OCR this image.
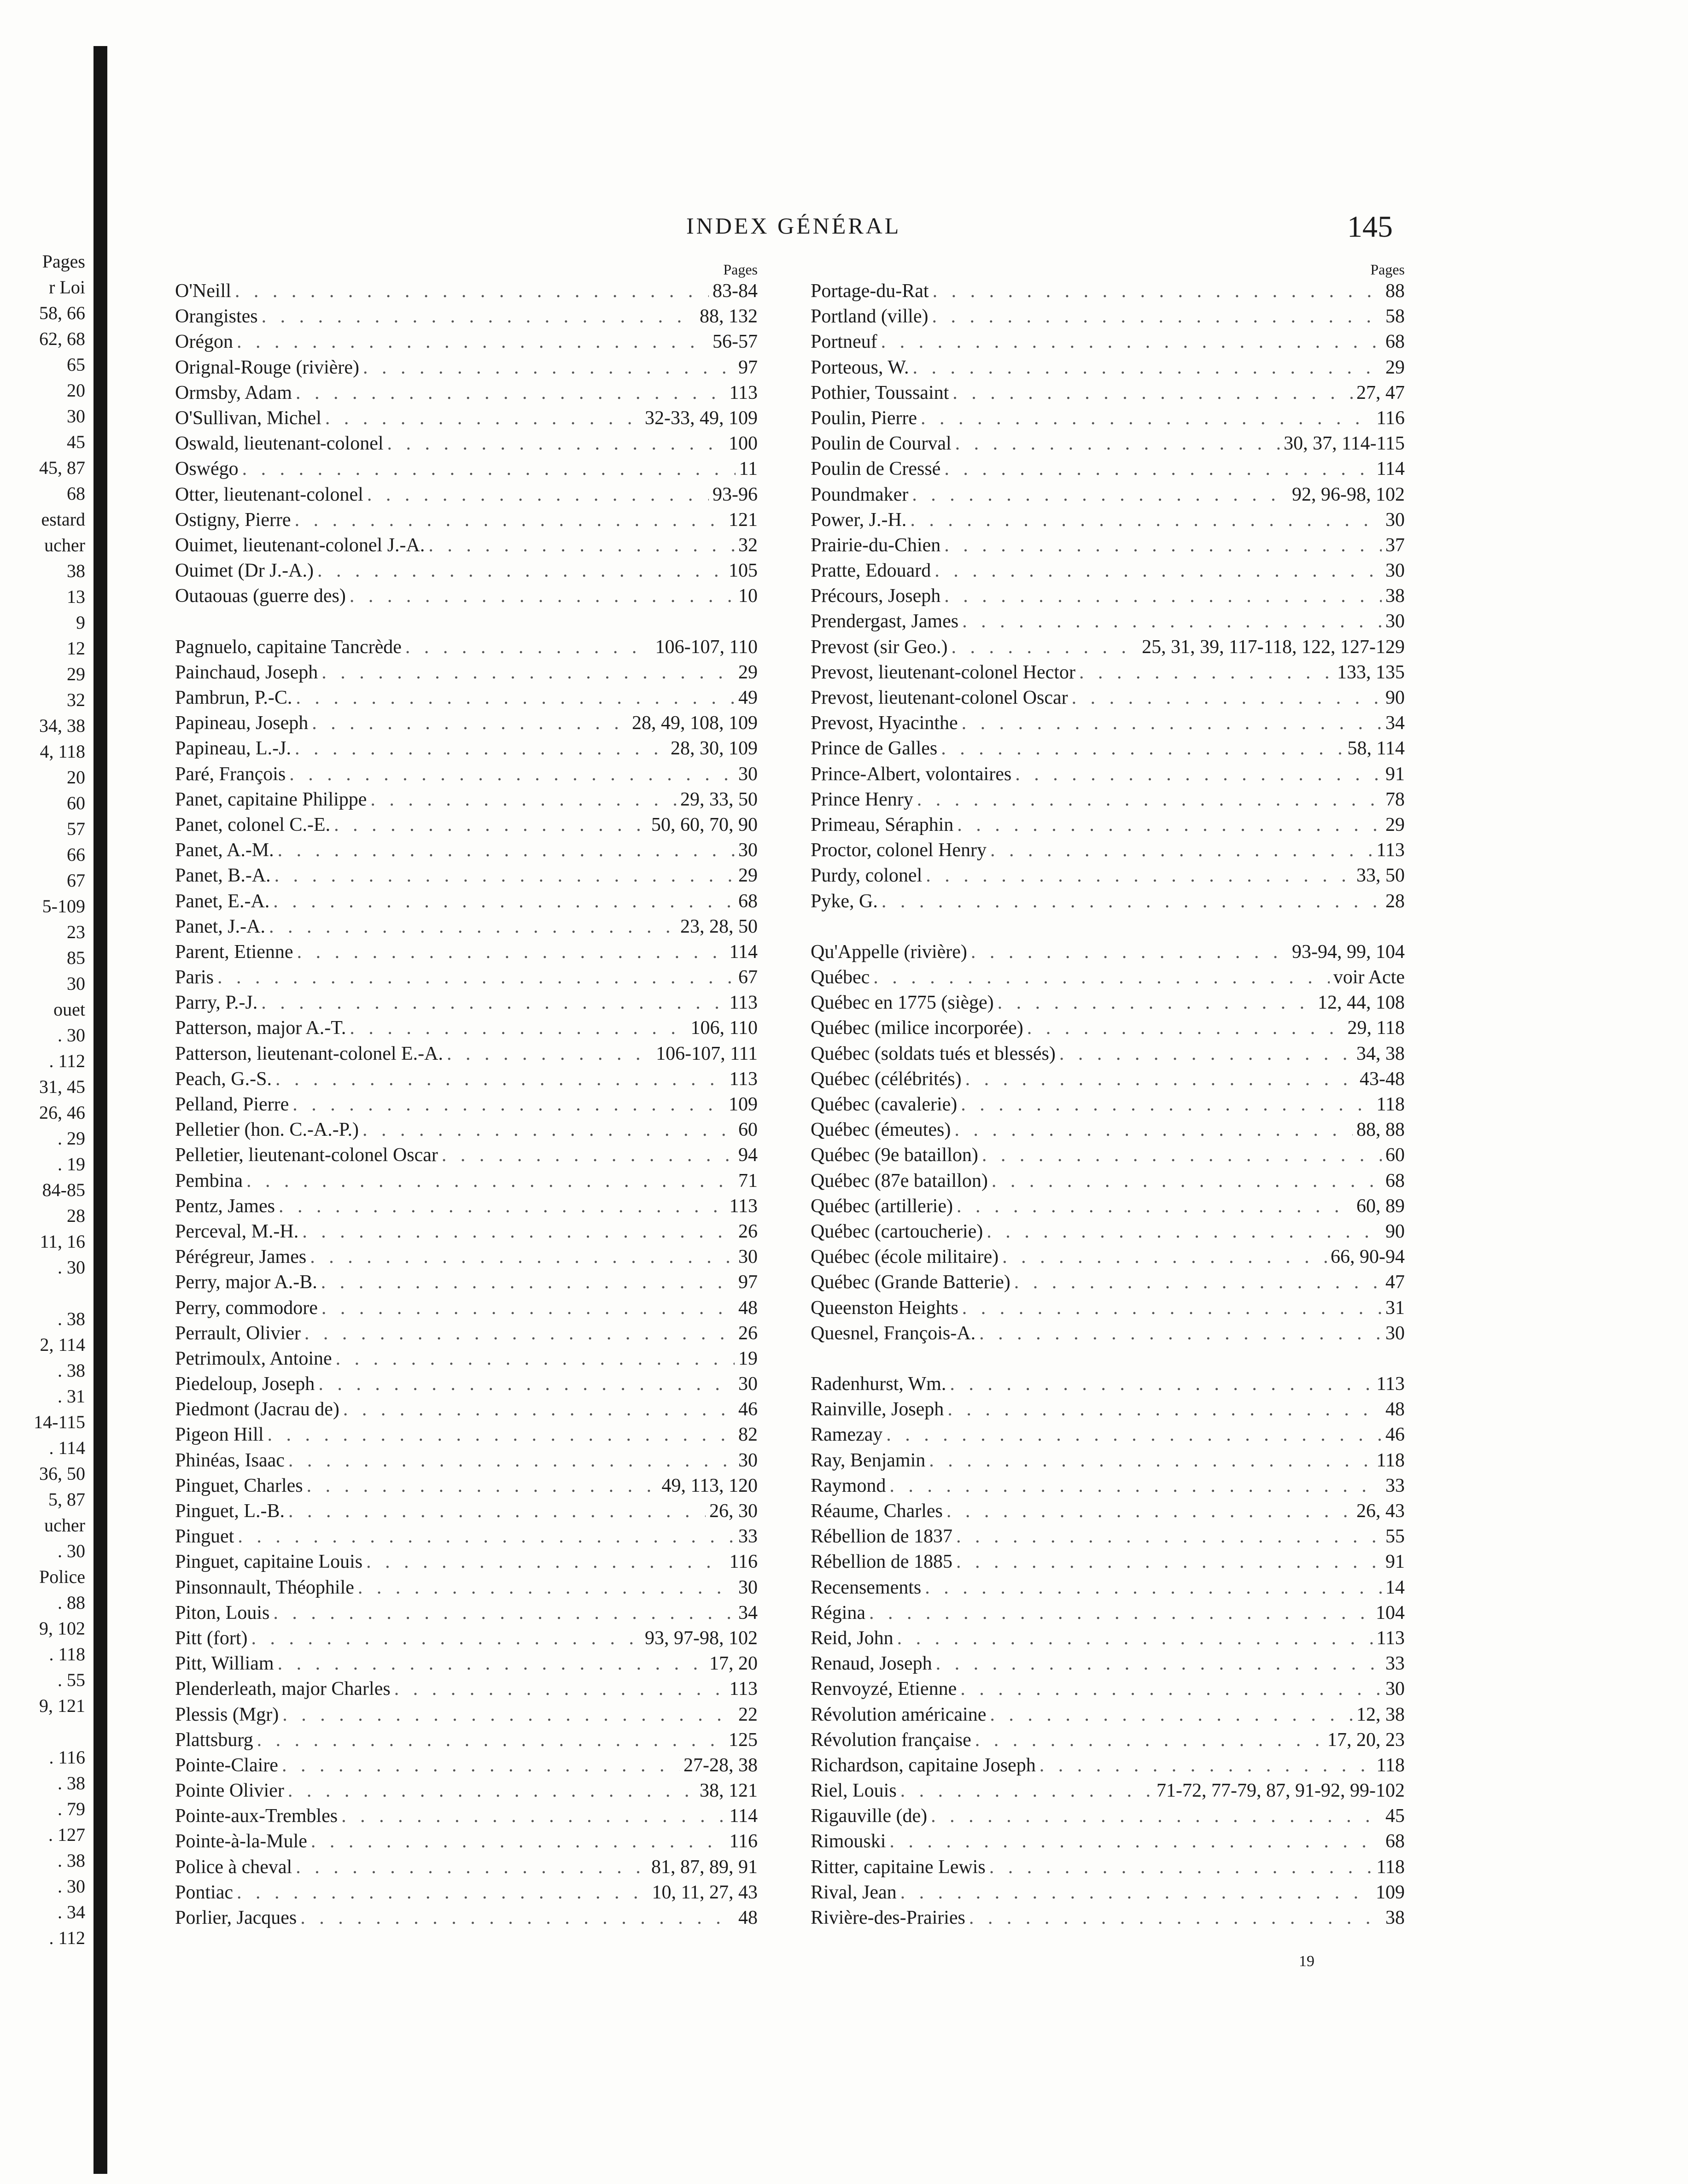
Pages
r Loi
58, 66
62, 68
65
20
30
45
45, 87
68
estard
ucher
38
13
9
12
29
32
34, 38
4, 118
20
60
57
66
67
5-109
23
85
30
ouet
. 30
. 112
31, 45
26, 46
. 29
. 19
84-85
28
11, 16
. 30
. 38
2, 114
. 38
. 31
14-115
. 114
36, 50
5, 87
ucher
. 30
Police
. 88
9, 102
. 118
. 55
9, 121
. 116
. 38
. 79
. 127
. 38
. 30
. 34
. 112
INDEX GÉNÉRAL	145
Pages
O'Neill . . .	83-84
Orangistes . . .	88, 132
Orégon . . .	56-57
Orignal-Rouge (rivière) . . .	97
Ormsby, Adam . . .	113
O'Sullivan, Michel . . .	32-33, 49, 109
Oswald, lieutenant-colonel . . .	100
Oswégo . . .	11
Otter, lieutenant-colonel . . .	93-96
Ostigny, Pierre . . .	121
Ouimet, lieutenant-colonel J.-A. . . .	32
Ouimet (Dr J.-A.) . . .	105
Outaouas (guerre des) . . .	10
Pagnuelo, capitaine Tancrède . . .	106-107, 110
Painchaud, Joseph . . .	29
Pambrun, P.-C. . . .	49
Papineau, Joseph . . .	28, 49, 108, 109
Papineau, L.-J. . . .	28, 30, 109
Paré, François . . .	30
Panet, capitaine Philippe . . .	29, 33, 50
Panet, colonel C.-E. . . .	50, 60, 70, 90
Panet, A.-M. . . .	30
Panet, B.-A. . . .	29
Panet, E.-A. . . .	68
Panet, J.-A. . . .	23, 28, 50
Parent, Etienne . . .	114
Paris . . .	67
Parry, P.-J. . . .	113
Patterson, major A.-T. . . .	106, 110
Patterson, lieutenant-colonel E.-A. . . .	106-107, 111
Peach, G.-S. . . .	113
Pelland, Pierre . . .	109
Pelletier (hon. C.-A.-P.) . . .	60
Pelletier, lieutenant-colonel Oscar . . .	94
Pembina . . .	71
Pentz, James . . .	113
Perceval, M.-H. . . .	26
Pérégreur, James . . .	30
Perry, major A.-B. . . .	97
Perry, commodore . . .	48
Perrault, Olivier . . .	26
Petrimoulx, Antoine . . .	19
Piedeloup, Joseph . . .	30
Piedmont (Jacrau de) . . .	46
Pigeon Hill . . .	82
Phinéas, Isaac . . .	30
Pinguet, Charles . . .	49, 113, 120
Pinguet, L.-B. . . .	26, 30
Pinguet . . .	33
Pinguet, capitaine Louis . . .	116
Pinsonnault, Théophile . . .	30
Piton, Louis . . .	34
Pitt (fort) . . .	93, 97-98, 102
Pitt, William . . .	17, 20
Plenderleath, major Charles . . .	113
Plessis (Mgr) . . .	22
Plattsburg . . .	125
Pointe-Claire . . .	27-28, 38
Pointe Olivier . . .	38, 121
Pointe-aux-Trembles . . .	114
Pointe-à-la-Mule . . .	116
Police à cheval . . .	81, 87, 89, 91
Pontiac . . .	10, 11, 27, 43
Porlier, Jacques . . .	48
Pages
Portage-du-Rat . . .	88
Portland (ville) . . .	58
Portneuf . . .	68
Porteous, W. . . .	29
Pothier, Toussaint . . .	27, 47
Poulin, Pierre . . .	116
Poulin de Courval . . .	30, 37, 114-115
Poulin de Cressé . . .	114
Poundmaker . . .	92, 96-98, 102
Power, J.-H. . . .	30
Prairie-du-Chien . . .	37
Pratte, Edouard . . .	30
Précours, Joseph . . .	38
Prendergast, James . . .	30
Prevost (sir Geo.) . . .	25, 31, 39, 117-118, 122, 127-129
Prevost, lieutenant-colonel Hector . . .	133, 135
Prevost, lieutenant-colonel Oscar . . .	90
Prevost, Hyacinthe . . .	34
Prince de Galles . . .	58, 114
Prince-Albert, volontaires . . .	91
Prince Henry . . .	78
Primeau, Séraphin . . .	29
Proctor, colonel Henry . . .	113
Purdy, colonel . . .	33, 50
Pyke, G. . . .	28
Qu'Appelle (rivière) . . .	93-94, 99, 104
Québec . . .	voir Acte
Québec en 1775 (siège) . . .	12, 44, 108
Québec (milice incorporée) . . .	29, 118
Québec (soldats tués et blessés) . . .	34, 38
Québec (célébrités) . . .	43-48
Québec (cavalerie) . . .	118
Québec (émeutes) . . .	88, 88
Québec (9e bataillon) . . .	60
Québec (87e bataillon) . . .	68
Québec (artillerie) . . .	60, 89
Québec (cartoucherie) . . .	90
Québec (école militaire) . . .	66, 90-94
Québec (Grande Batterie) . . .	47
Queenston Heights . . .	31
Quesnel, François-A. . . .	30
Radenhurst, Wm. . . .	113
Rainville, Joseph . . .	48
Ramezay . . .	46
Ray, Benjamin . . .	118
Raymond . . .	33
Réaume, Charles . . .	26, 43
Rébellion de 1837 . . .	55
Rébellion de 1885 . . .	91
Recensements . . .	14
Régina . . .	104
Reid, John . . .	113
Renaud, Joseph . . .	33
Renvoyzé, Etienne . . .	30
Révolution américaine . . .	12, 38
Révolution française . . .	17, 20, 23
Richardson, capitaine Joseph . . .	118
Riel, Louis . . .	71-72, 77-79, 87, 91-92, 99-102
Rigauville (de) . . .	45
Rimouski . . .	68
Ritter, capitaine Lewis . . .	118
Rival, Jean . . .	109
Rivière-des-Prairies . . .	38
19
